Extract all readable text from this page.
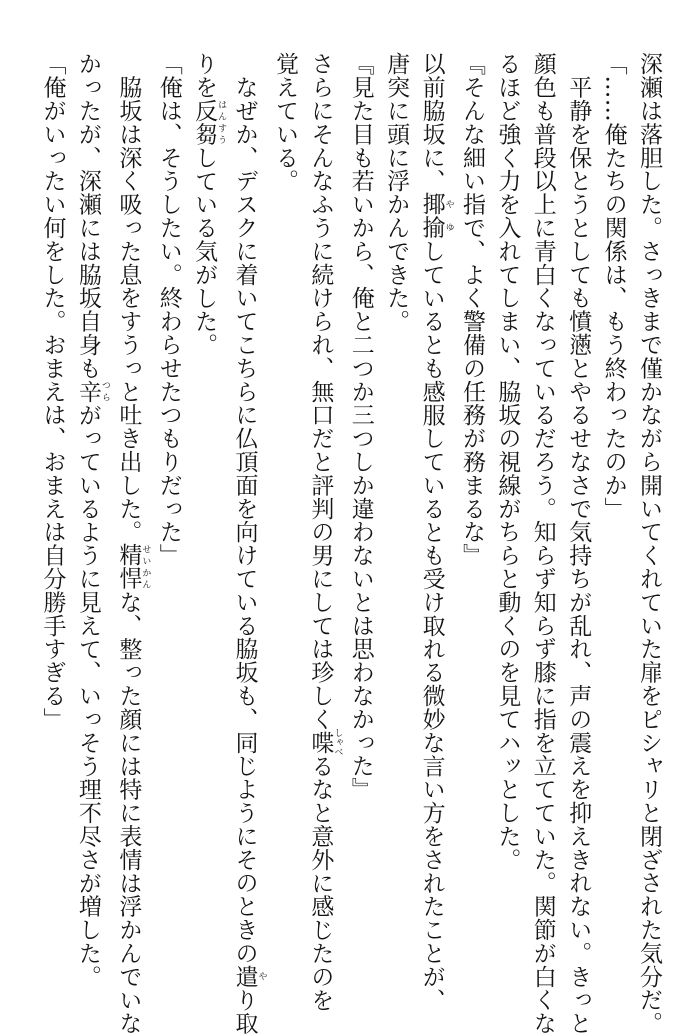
深瀬は落胆した。さっきまで僅かながら開いてくれていた扉をピシャリと閉ざされた気分だ。
「……俺たちの関係は、もう終わったのか」
　平静を保とうとしても憤懣とやるせなさで気持ちが乱れ、声の震えを抑えきれない。きっと
顔色も普段以上に青白くなっているだろう。知らず知らず膝に指を立てていた。関節が白くな
るほど強く力を入れてしまい、脇坂の視線がちらと動くのを見てハッとした。
『そんな細い指で、よく警備の任務が務まるな』
以前脇坂に、揶揄 やゆしているとも感服しているとも受け取れる微妙な言い方をされたことが、
唐突に頭に浮かんできた。
『見た目も若いから、俺と二つか三つしか違わないとは思わなかった』
さらにそんなふうに続けられ、無口だと評判の男にしては珍しく喋 しゃべるなと意外に感じたのを
覚えている。
　なぜか、デスクに着いてこちらに仏頂面を向けている脇坂も、同じようにそのときの遣 やり取
りを反芻 はんすうしている気がした。
「俺は、そうしたい。終わらせたつもりだった」
　脇坂は深く吸った息をすうっと吐き出した。精悍 せいかんな、整った顔には特に表情は浮かんでいな
かったが、深瀬には脇坂自身も辛 つらがっているように見えて、いっそう理不尽さが増した。
「俺がいったい何をした。おまえは、おまえは自分勝手すぎる」
